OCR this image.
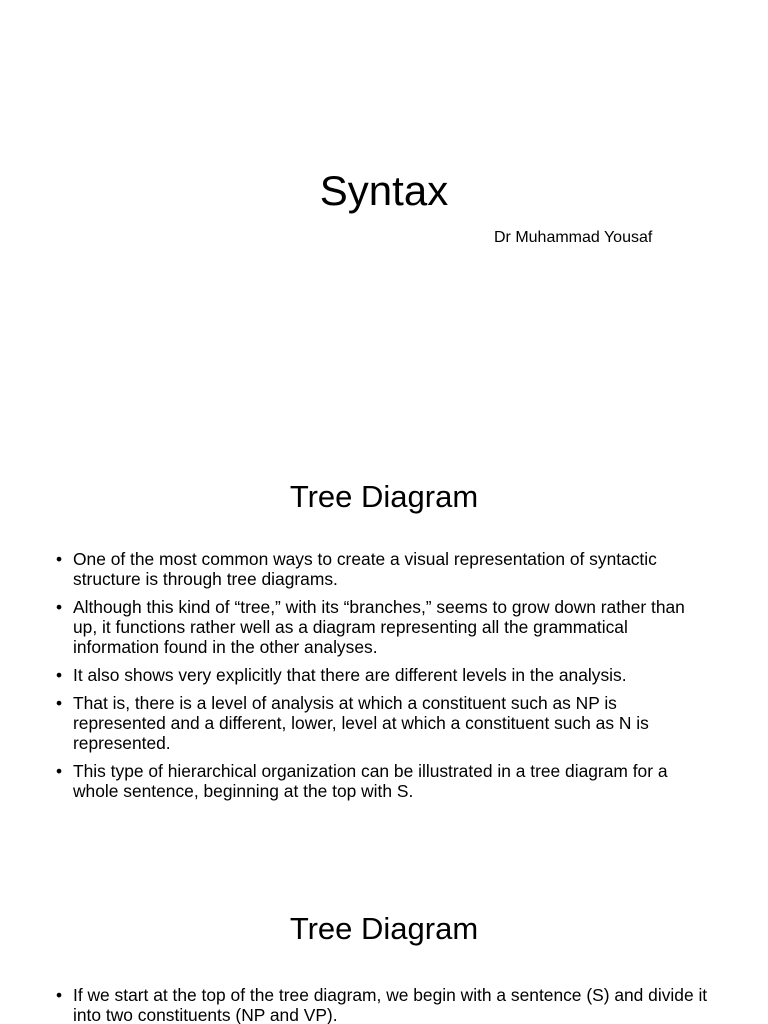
Syntax

Dr Muhammad Yousaf

Tree Diagram
• One of the most common ways to create a visual representation of syntactic structure is through tree diagrams.
• Although this kind of “tree,” with its “branches,” seems to grow down rather than up, it functions rather well as a diagram representing all the grammatical information found in the other analyses.
• It also shows very explicitly that there are different levels in the analysis.
• That is, there is a level of analysis at which a constituent such as NP is represented and a different, lower, level at which a constituent such as N is represented.
• This type of hierarchical organization can be illustrated in a tree diagram for a whole sentence, beginning at the top with S.
Tree Diagram
• If we start at the top of the tree diagram, we begin with a sentence (S) and divide it into two constituents (NP and VP).
